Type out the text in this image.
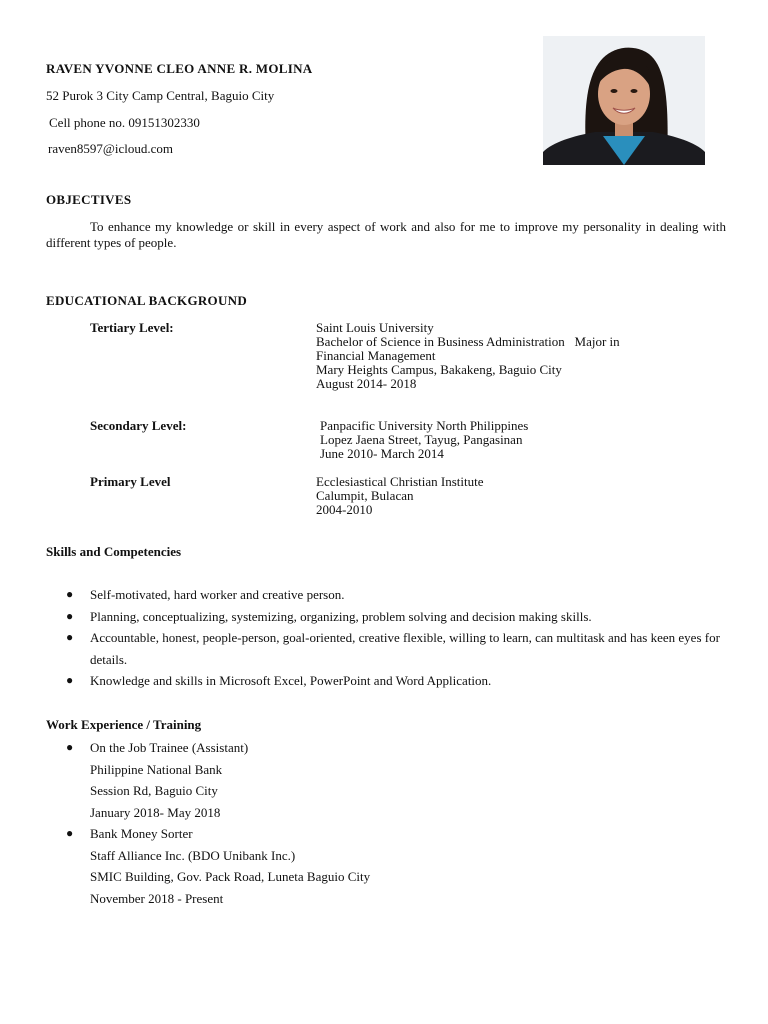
RAVEN YVONNE CLEO ANNE R. MOLINA
52 Purok 3 City Camp Central, Baguio City
Cell phone no. 09151302330
raven8597@icloud.com
OBJECTIVES
To enhance my knowledge or skill in every aspect of work and also for me to improve my personality in dealing with different types of people.
EDUCATIONAL BACKGROUND
Tertiary Level:	Saint Louis University
Bachelor of Science in Business Administration   Major in
Financial Management
Mary Heights Campus, Bakakeng, Baguio City
August 2014- 2018
Secondary Level:	Panpacific University North Philippines
Lopez Jaena Street, Tayug, Pangasinan
June 2010- March 2014
Primary Level	Ecclesiastical Christian Institute
Calumpit, Bulacan
2004-2010
Skills and Competencies
● Self-motivated, hard worker and creative person.
● Planning, conceptualizing, systemizing, organizing, problem solving and decision making skills.
● Accountable, honest, people-person, goal-oriented, creative flexible, willing to learn, can multitask and has keen eyes for details.
● Knowledge and skills in Microsoft Excel, PowerPoint and Word Application.
Work Experience / Training
● On the Job Trainee (Assistant)
Philippine National Bank
Session Rd, Baguio City
January 2018- May 2018
● Bank Money Sorter
Staff Alliance Inc. (BDO Unibank Inc.)
SMIC Building, Gov. Pack Road, Luneta Baguio City
November 2018 - Present
